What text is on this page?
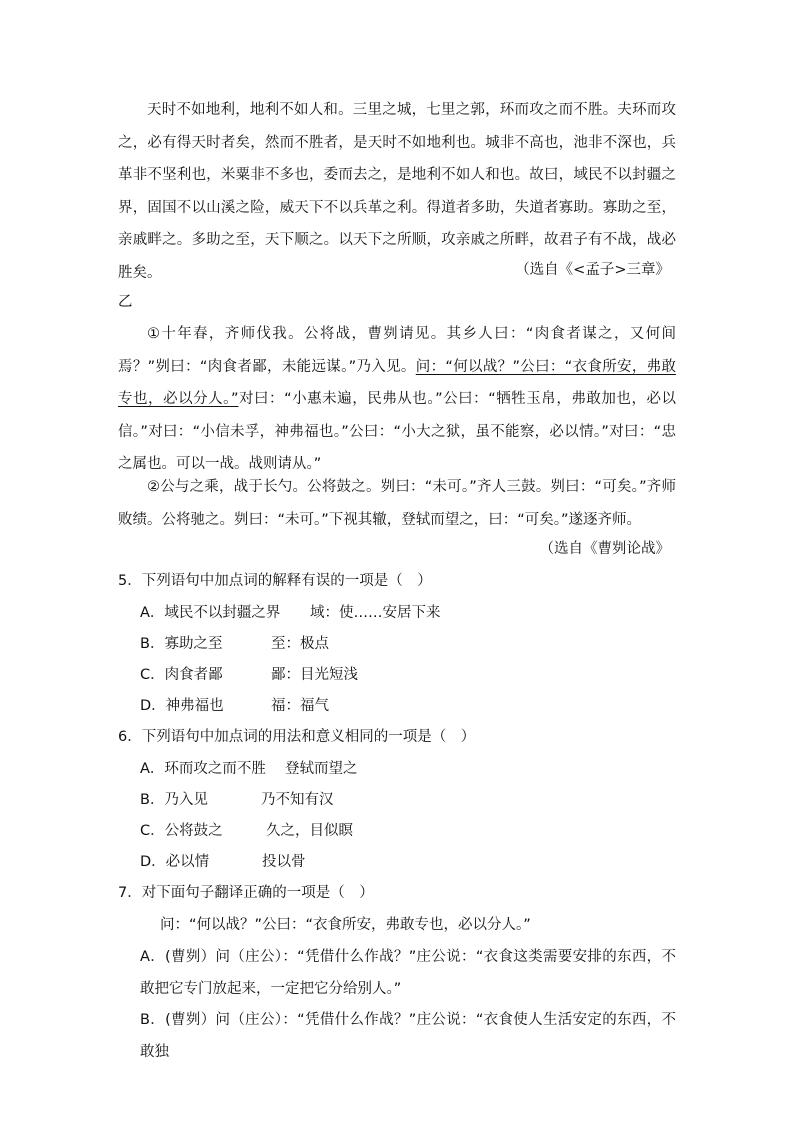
天时不如地利，地利不如人和。三里之城，七里之郭，环而攻之而不胜。夫环而攻之，必有得天时者矣，然而不胜者，是天时不如地利也。城非不高也，池非不深也，兵革非不坚利也，米粟非不多也，委而去之，是地利不如人和也。故曰，域民不以封疆之界，固国不以山溪之险，威天下不以兵革之利。得道者多助，失道者寡助。寡助之至，亲戚畔之。多助之至，天下顺之。以天下之所顺，攻亲戚之所畔，故君子有不战，战必胜矣。	（选自《<孟子>三章》

乙

①十年春，齐师伐我。公将战，曹刿请见。其乡人曰：“肉食者谋之，又何间焉？”刿曰：“肉食者鄙，未能远谋。”乃入见。问：“何以战？”公曰：“衣食所安，弗敢专也，必以分人。”对曰：“小惠未遍，民弗从也。”公曰：“牺牲玉帛，弗敢加也，必以信。”对曰：“小信未孚，神弗福也。”公曰：“小大之狱，虽不能察，必以情。”对曰：“忠之属也。可以一战。战则请从。”

②公与之乘，战于长勺。公将鼓之。刿曰：“未可。”齐人三鼓。刿曰：“可矣。”齐师败绩。公将驰之。刿曰：“未可。”下视其辙，登轼而望之，曰：“可矣。”遂逐齐师。

（选自《曹刿论战》

5．下列语句中加点词的解释有误的一项是（　）

A．域民不以封疆之界 域：使……安居下来

B．寡助之至	至：极点

C．肉食者鄙	鄙：目光短浅

D．神弗福也	福：福气

6．下列语句中加点词的用法和意义相同的一项是（　）

A．环而攻之而不胜 登轼而望之

B．乃入见	乃不知有汉

C．公将鼓之	久之，目似瞑

D．必以情	投以骨

7．对下面句子翻译正确的一项是（　）

问：“何以战？”公曰：“衣食所安，弗敢专也，必以分人。”

A．(曹刿）问（庄公）：“凭借什么作战？”庄公说：“衣食这类需要安排的东西，不敢把它专门放起来，一定把它分给别人。”

B．(曹刿）问（庄公）：“凭借什么作战？”庄公说：“衣食使人生活安定的东西，不敢独
